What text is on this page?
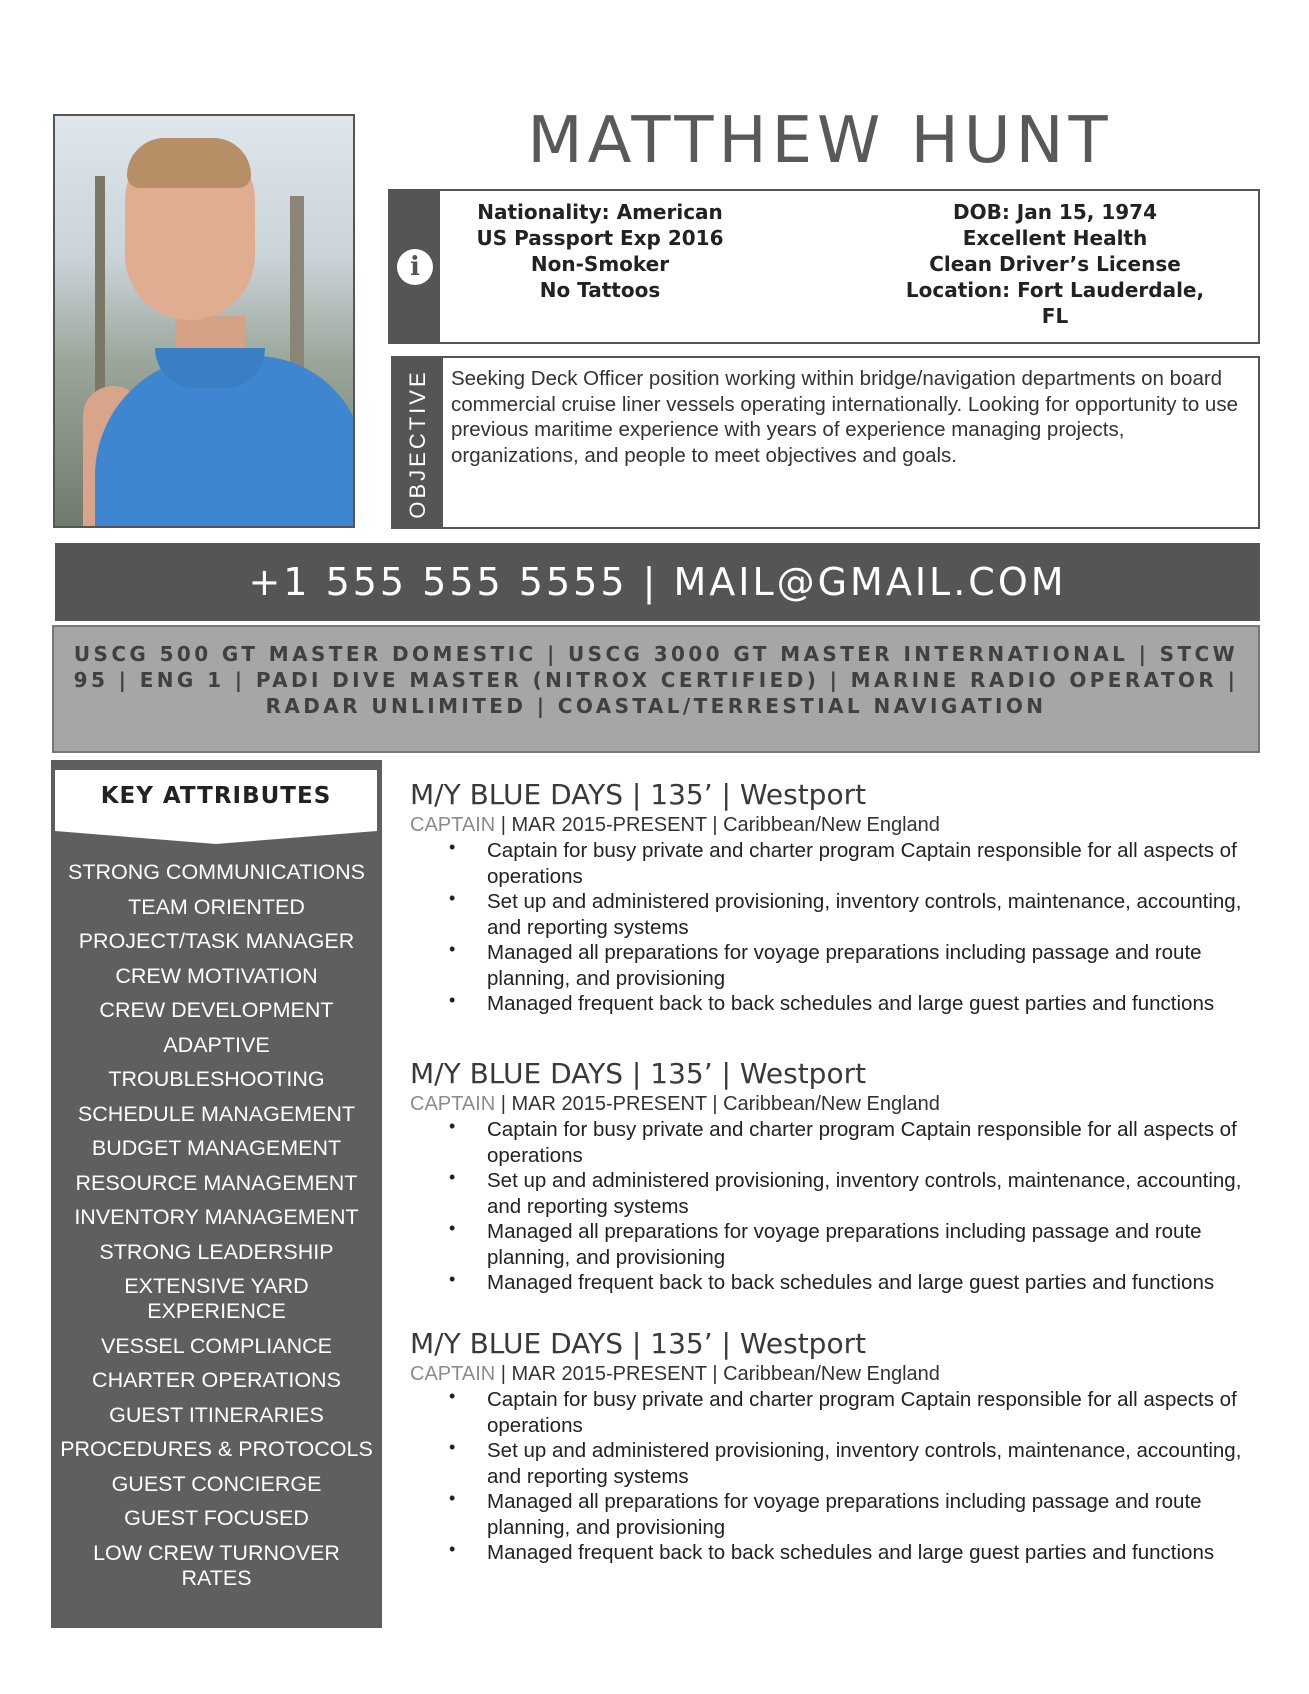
MATTHEW HUNT
i
Nationality: American
US Passport Exp 2016
Non-Smoker
No Tattoos
DOB: Jan 15, 1974
Excellent Health
Clean Driver’s License
Location: Fort Lauderdale, FL
OBJECTIVE Seeking Deck Officer position working within bridge/navigation departments on board commercial cruise liner vessels operating internationally. Looking for opportunity to use previous maritime experience with years of experience managing projects, organizations, and people to meet objectives and goals.

+1 555 555 5555 | MAIL@GMAIL.COM
USCG 500 GT MASTER DOMESTIC | USCG 3000 GT MASTER INTERNATIONAL | STCW 95 | ENG 1 | PADI DIVE MASTER (NITROX CERTIFIED) | MARINE RADIO OPERATOR | RADAR UNLIMITED | COASTAL/TERRESTIAL NAVIGATION
KEY ATTRIBUTES
STRONG COMMUNICATIONS
TEAM ORIENTED
PROJECT/TASK MANAGER
CREW MOTIVATION
CREW DEVELOPMENT
ADAPTIVE
TROUBLESHOOTING
SCHEDULE MANAGEMENT
BUDGET MANAGEMENT
RESOURCE MANAGEMENT
INVENTORY MANAGEMENT
STRONG LEADERSHIP
EXTENSIVE YARD EXPERIENCE
VESSEL COMPLIANCE
CHARTER OPERATIONS
GUEST ITINERARIES
PROCEDURES & PROTOCOLS
GUEST CONCIERGE
GUEST FOCUSED
LOW CREW TURNOVER RATES
M/Y BLUE DAYS | 135’ | Westport
CAPTAIN | MAR 2015-PRESENT | Caribbean/New England
• Captain for busy private and charter program Captain responsible for all aspects of operations
• Set up and administered provisioning, inventory controls, maintenance, accounting, and reporting systems
• Managed all preparations for voyage preparations including passage and route planning, and provisioning
• Managed frequent back to back schedules and large guest parties and functions
M/Y BLUE DAYS | 135’ | Westport
CAPTAIN | MAR 2015-PRESENT | Caribbean/New England
• Captain for busy private and charter program Captain responsible for all aspects of operations
• Set up and administered provisioning, inventory controls, maintenance, accounting, and reporting systems
• Managed all preparations for voyage preparations including passage and route planning, and provisioning
• Managed frequent back to back schedules and large guest parties and functions
M/Y BLUE DAYS | 135’ | Westport
CAPTAIN | MAR 2015-PRESENT | Caribbean/New England
• Captain for busy private and charter program Captain responsible for all aspects of operations
• Set up and administered provisioning, inventory controls, maintenance, accounting, and reporting systems
• Managed all preparations for voyage preparations including passage and route planning, and provisioning
• Managed frequent back to back schedules and large guest parties and functions
